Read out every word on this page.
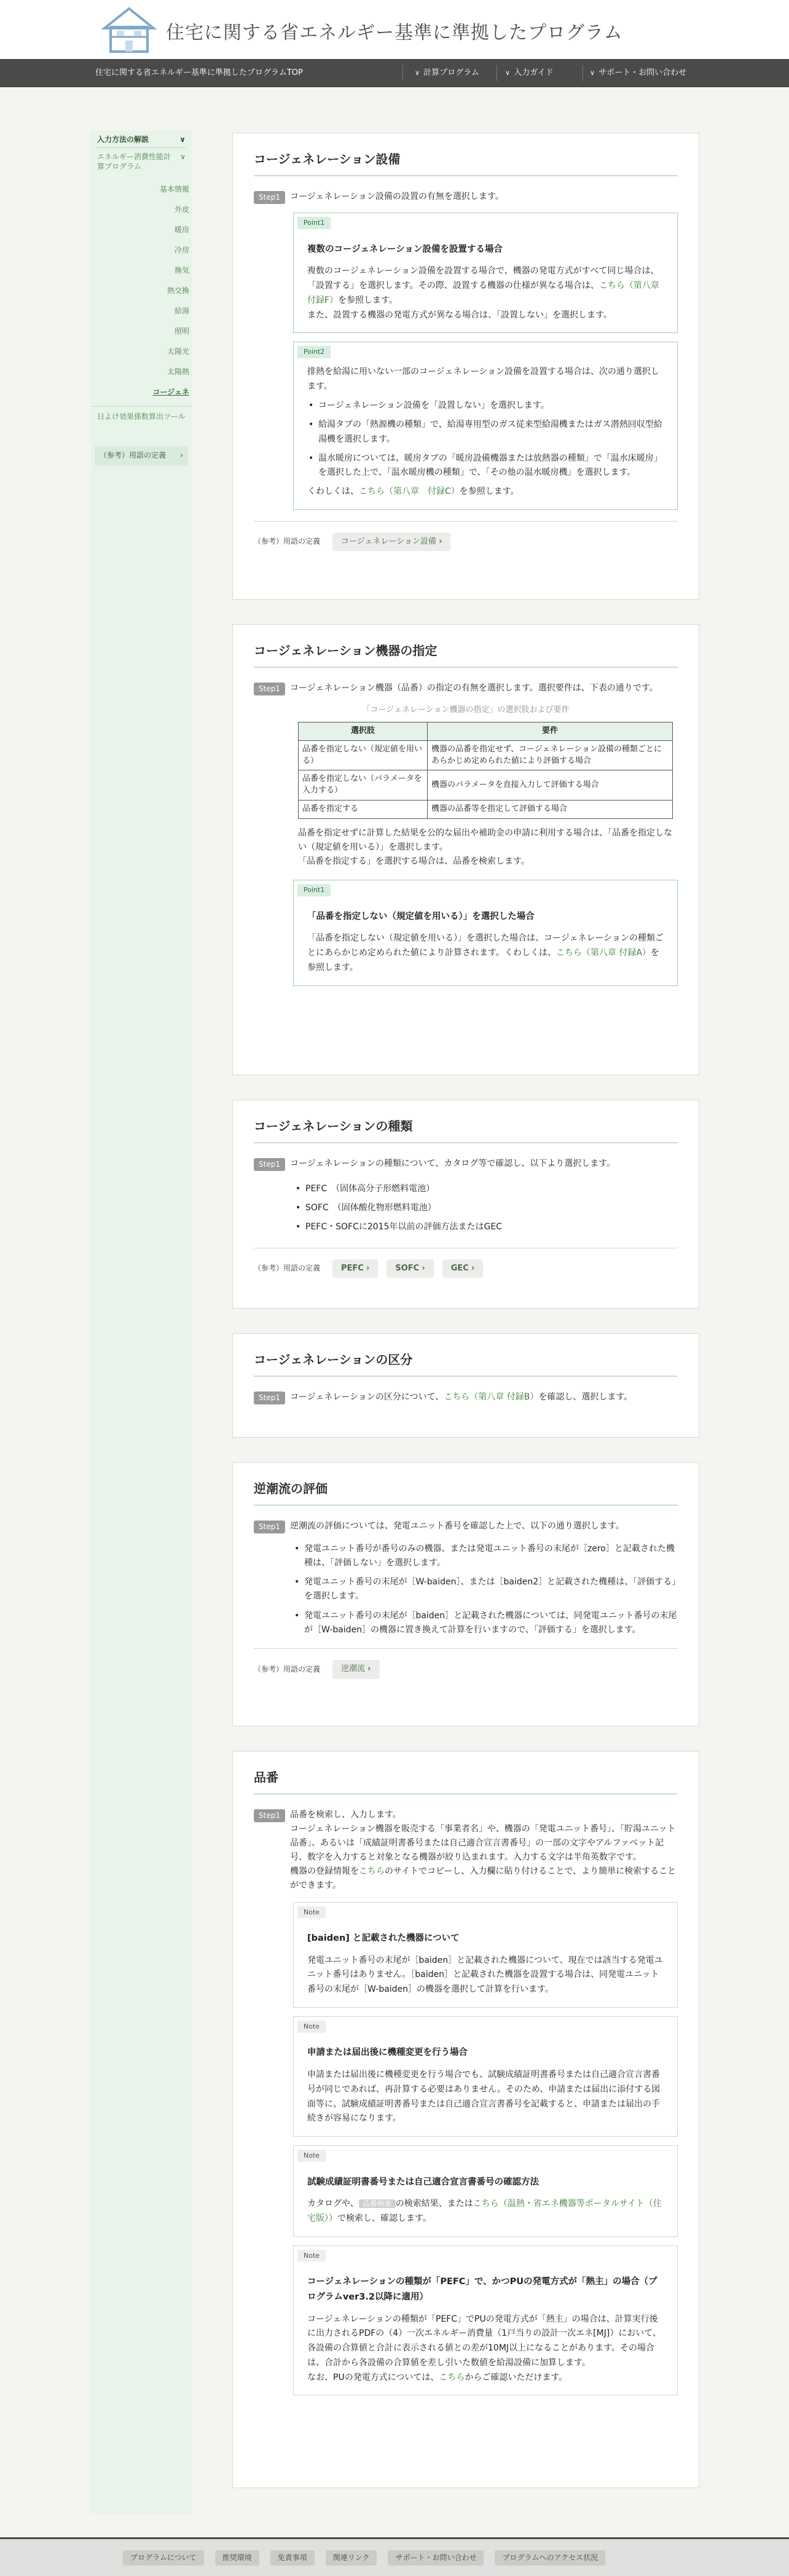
住宅に関する省エネルギー基準に準拠したプログラム
住宅に関する省エネルギー基準に準拠したプログラムTOP	∨ 計算プログラム	∨ 入力ガイド	∨ サポート・お問い合わせ
入力方法の解説	∨
エネルギー消費性能計算プログラム
∨
基本情報
外皮
暖房
冷房
換気
熱交換
給湯
照明
太陽光
太陽熱
コージェネ
日よけ効果係数算出ツール
（参考）用語の定義 ›
コージェネレーション設備
Step1	コージェネレーション設備の設置の有無を選択します。
Point1
複数のコージェネレーション設備を設置する場合

複数のコージェネレーション設備を設置する場合で、機器の発電方式がすべて同じ場合は、「設置する」を選択します。その際、設置する機器の仕様が異なる場合は、こちら（第八章 付録F）を参照します。

また、設置する機器の発電方式が異なる場合は、「設置しない」を選択します。

Point2

排熱を給湯に用いない一部のコージェネレーション設備を設置する場合は、次の通り選択します。

• コージェネレーション設備を「設置しない」を選択します。
• 給湯タブの「熱源機の種類」で、給湯専用型のガス従来型給湯機またはガス潜熱回収型給湯機を選択します。
• 温水暖房については、暖房タブの「暖房設備機器または放熱器の種類」で「温水床暖房」を選択した上で、「温水暖房機の種類」で、「その他の温水暖房機」を選択します。

くわしくは、こちら（第八章　付録C）を参照します。

（参考）用語の定義	コージェネレーション設備 ›
コージェネレーション機器の指定
Step1	コージェネレーション機器（品番）の指定の有無を選択します。選択要件は、下表の通りです。
「コージェネレーション機器の指定」の選択肢および要件
選択肢	要件
品番を指定しない（規定値を用いる）	機器の品番を指定せず、コージェネレーション設備の種類ごとにあらかじめ定められた値により評価する場合
品番を指定しない（パラメータを入力する）	機器のパラメータを直接入力して評価する場合
品番を指定する	機器の品番等を指定して評価する場合

品番を指定せずに計算した結果を公的な届出や補助金の申請に利用する場合は、「品番を指定しない（規定値を用いる）」を選択します。

「品番を指定する」を選択する場合は、品番を検索します。

Point1
「品番を指定しない（規定値を用いる）」を選択した場合

「品番を指定しない（規定値を用いる）」を選択した場合は、コージェネレーションの種類ごとにあらかじめ定められた値により計算されます。くわしくは、こちら（第八章 付録A）を参照します。

コージェネレーションの種類
Step1	コージェネレーションの種類について、カタログ等で確認し、以下より選択します。
• PEFC　（固体高分子形燃料電池）
• SOFC　（固体酸化物形燃料電池）
• PEFC・SOFCに2015年以前の評価方法またはGEC
（参考）用語の定義	PEFC ›	SOFC ›	GEC ›
コージェネレーションの区分
Step1	コージェネレーションの区分について、こちら（第八章 付録B）を確認し、選択します。
逆潮流の評価
Step1	逆潮流の評価については、発電ユニット番号を確認した上で、以下の通り選択します。
• 発電ユニット番号が番号のみの機器、または発電ユニット番号の末尾が［zero］と記載された機種は、「評価しない」を選択します。
• 発電ユニット番号の末尾が［W-baiden］、または［baiden2］と記載された機種は、「評価する」を選択します。
• 発電ユニット番号の末尾が［baiden］と記載された機器については、同発電ユニット番号の末尾が［W-baiden］の機器に置き換えて計算を行いますので、「評価する」を選択します。
（参考）用語の定義	逆潮流 ›
品番
Step1	品番を検索し、入力します。
コージェネレーション機器を販売する「事業者名」や、機器の「発電ユニット番号」、「貯湯ユニット品番」、あるいは「成績証明書番号または自己適合宣言書番号」の一部の文字やアルファベット記号、数字を入力すると対象となる機器が絞り込まれます。入力する文字は半角英数字です。
機器の登録情報をこちらのサイトでコピーし、入力欄に貼り付けることで、より簡単に検索することができます。
Note
[baiden] と記載された機器について

発電ユニット番号の末尾が［baiden］と記載された機器について、現在では該当する発電ユニット番号はありません。［baiden］と記載された機器を設置する場合は、同発電ユニット番号の末尾が［W-baiden］の機器を選択して計算を行います。

Note
申請または届出後に機種変更を行う場合

申請または届出後に機種変更を行う場合でも、試験成績証明書番号または自己適合宣言書番号が同じであれば、再計算する必要はありません。そのため、申請または届出に添付する図面等に、試験成績証明書番号または自己適合宣言書番号を記載すると、申請または届出の手続きが容易になります。

Note
試験成績証明書番号または自己適合宣言書番号の確認方法

カタログや、 品番検索 の検索結果、またはこちら（温熱・省エネ機器等ポータルサイト（住宅版））で検索し、確認します。

Note
コージェネレーションの種類が「PEFC」で、かつPUの発電方式が「熱主」の場合（プログラムver3.2以降に適用）

コージェネレーションの種類が「PEFC」でPUの発電方式が「熱主」の場合は、計算実行後に出力されるPDFの（4）一次エネルギー消費量（1戸当りの設計一次エネ[MJ]）において、各設備の合算値と合計に表示される値との差が10MJ以上になることがあります。その場合は、合計から各設備の合算値を差し引いた数値を給湯設備に加算します。

なお、PUの発電方式については、こちらからご確認いただけます。

プログラムについて	推奨環境	免責事項	関連リンク	サポート・お問い合わせ	プログラムへのアクセス状況
